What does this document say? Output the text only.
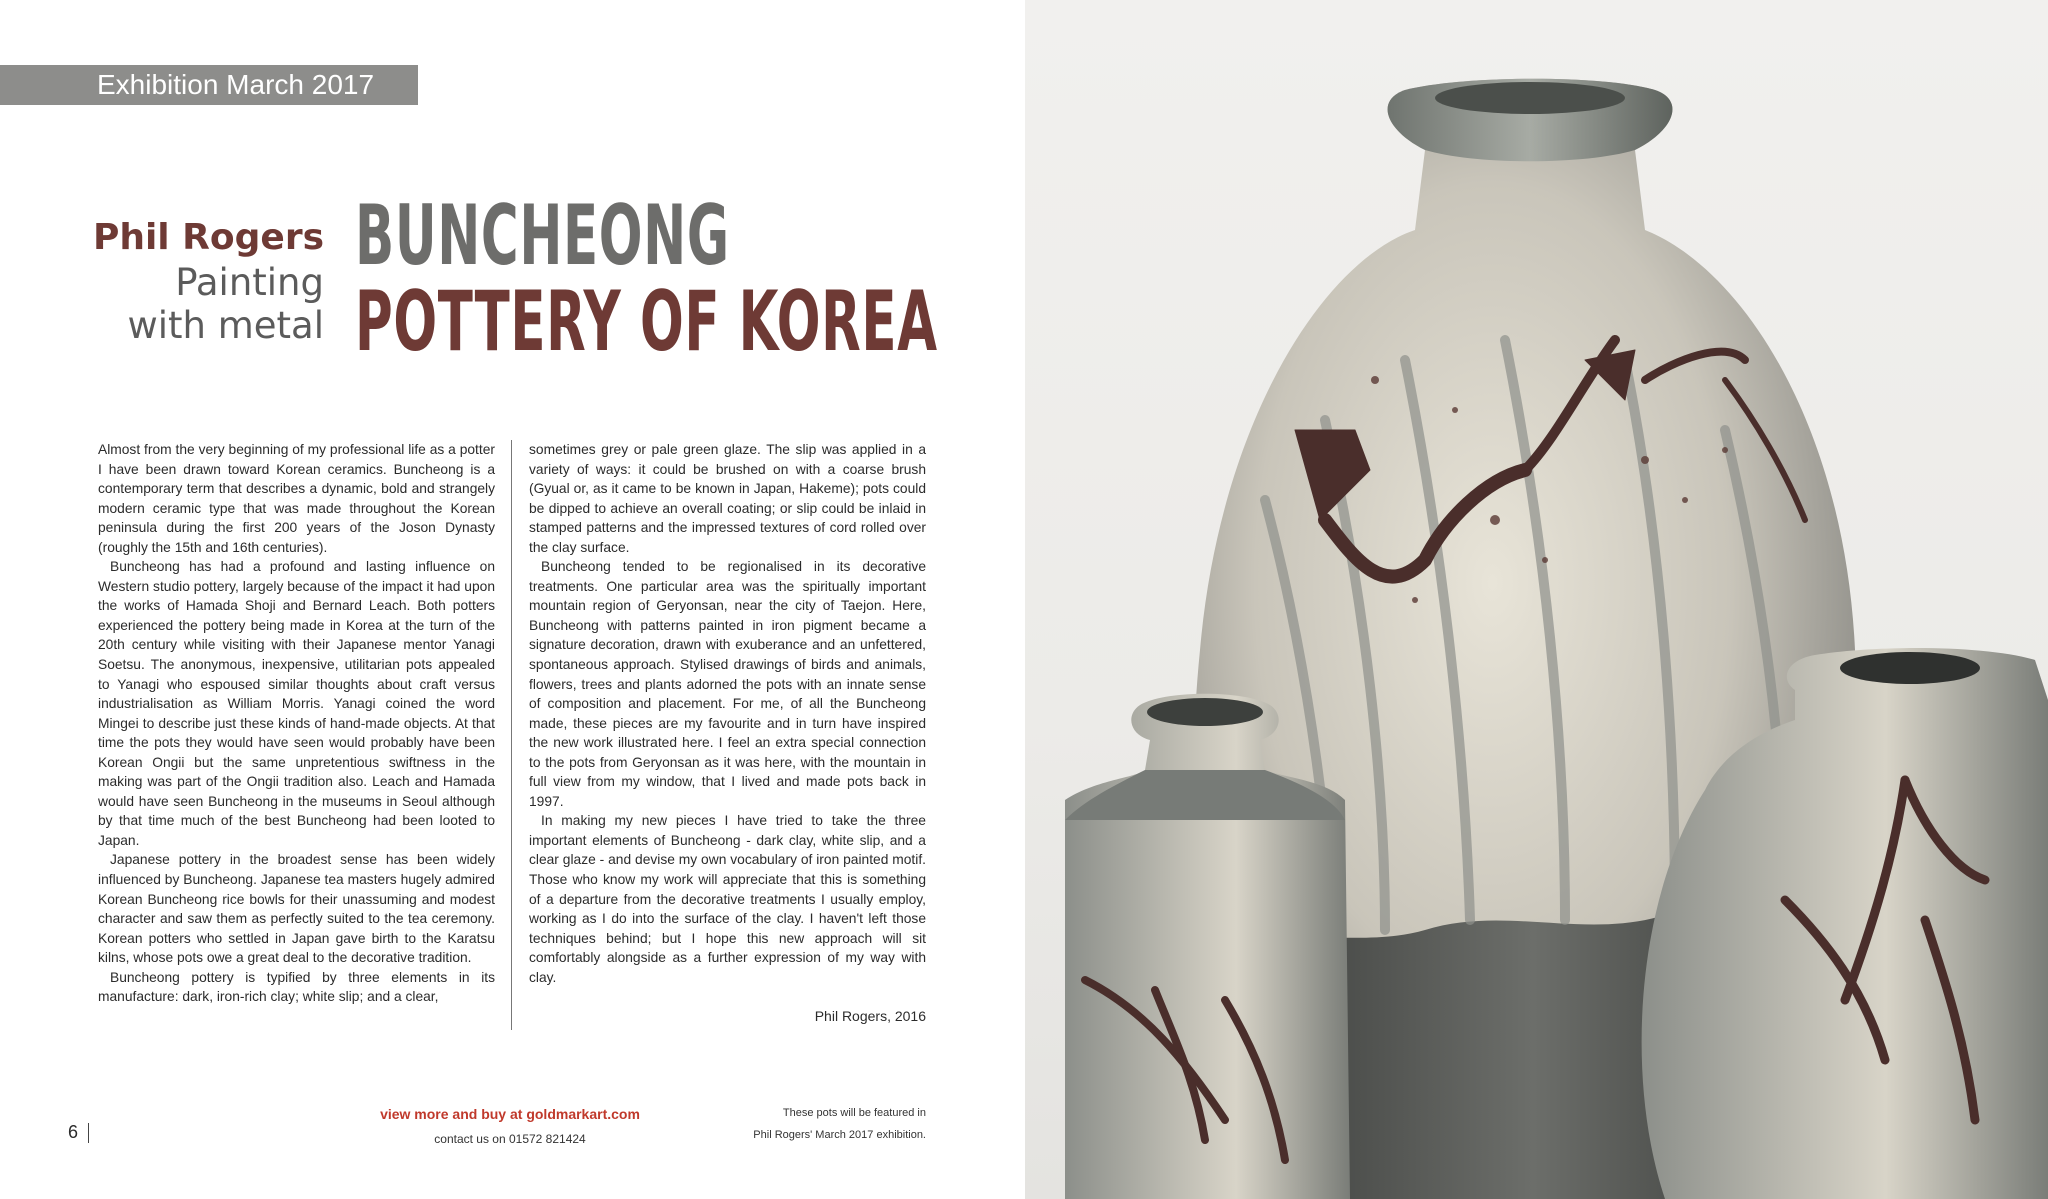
Exhibition March 2017
Phil Rogers
Painting
with metal
BUNCHEONG
POTTERY OF KOREA

Almost from the very beginning of my professional life as a potter I have been drawn toward Korean ceramics. Buncheong is a contemporary term that describes a dynamic, bold and strangely modern ceramic type that was made throughout the Korean peninsula during the first 200 years of the Joson Dynasty (roughly the 15th and 16th centuries).

Buncheong has had a profound and lasting influence on Western studio pottery, largely because of the impact it had upon the works of Hamada Shoji and Bernard Leach. Both potters experienced the pottery being made in Korea at the turn of the 20th century while visiting with their Japanese mentor Yanagi Soetsu. The anonymous, inexpensive, utilitarian pots appealed to Yanagi who espoused similar thoughts about craft versus industrialisation as William Morris. Yanagi coined the word Mingei to describe just these kinds of hand-made objects. At that time the pots they would have seen would probably have been Korean Ongii but the same unpretentious swiftness in the making was part of the Ongii tradition also. Leach and Hamada would have seen Buncheong in the museums in Seoul although by that time much of the best Buncheong had been looted to Japan.

Japanese pottery in the broadest sense has been widely influenced by Buncheong. Japanese tea masters hugely admired Korean Buncheong rice bowls for their unassuming and modest character and saw them as perfectly suited to the tea ceremony. Korean potters who settled in Japan gave birth to the Karatsu kilns, whose pots owe a great deal to the decorative tradition.

Buncheong pottery is typified by three elements in its manufacture: dark, iron-rich clay; white slip; and a clear,

sometimes grey or pale green glaze. The slip was applied in a variety of ways: it could be brushed on with a coarse brush (Gyual or, as it came to be known in Japan, Hakeme); pots could be dipped to achieve an overall coating; or slip could be inlaid in stamped patterns and the impressed textures of cord rolled over the clay surface.

Buncheong tended to be regionalised in its decorative treatments. One particular area was the spiritually important mountain region of Geryonsan, near the city of Taejon. Here, Buncheong with patterns painted in iron pigment became a signature decoration, drawn with exuberance and an unfettered, spontaneous approach. Stylised drawings of birds and animals, flowers, trees and plants adorned the pots with an innate sense of composition and placement. For me, of all the Buncheong made, these pieces are my favourite and in turn have inspired the new work illustrated here. I feel an extra special connection to the pots from Geryonsan as it was here, with the mountain in full view from my window, that I lived and made pots back in 1997.

In making my new pieces I have tried to take the three important elements of Buncheong - dark clay, white slip, and a clear glaze - and devise my own vocabulary of iron painted motif. Those who know my work will appreciate that this is something of a departure from the decorative treatments I usually employ, working as I do into the surface of the clay. I haven't left those techniques behind; but I hope this new approach will sit comfortably alongside as a further expression of my way with clay.

Phil Rogers, 2016
6
view more and buy at goldmarkart.com
contact us on 01572 821424
These pots will be featured in
Phil Rogers' March 2017 exhibition.
